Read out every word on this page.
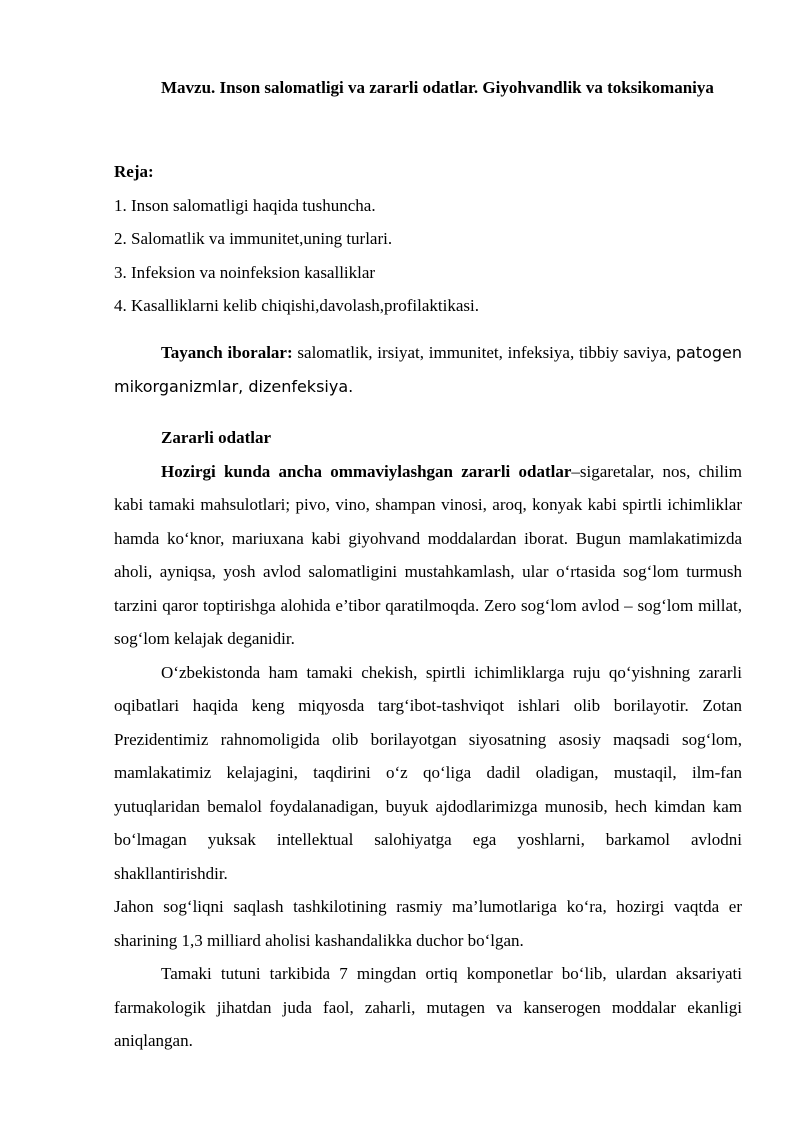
Mavzu. Inson salomatligi va zararli odatlar. Giyohvandlik va toksikomaniya

Reja:

1. Inson salomatligi haqida tushuncha.
2. Salomatlik va immunitet,uning turlari.
3. Infeksion va noinfeksion kasalliklar
4. Kasalliklarni kelib chiqishi,davolash,profilaktikasi.

Tayanch iboralar: salomatlik, irsiyat, immunitet, infeksiya, tibbiy saviya, patogen mikorganizmlar, dizenfeksiya.

Zararli odatlar

Hozirgi kunda ancha ommaviylashgan zararli odatlar–sigaretalar, nos, chilim kabi tamaki mahsulotlari; pivo, vino, shampan vinosi, aroq, konyak kabi spirtli ichimliklar hamda ko‘knor, mariuxana kabi giyohvand moddalardan iborat. Bugun mamlakatimizda aholi, ayniqsa, yosh avlod salomatligini mustahkamlash, ular o‘rtasida sog‘lom turmush tarzini qaror toptirishga alohida e’tibor qaratilmoqda. Zero sog‘lom avlod – sog‘lom millat, sog‘lom kelajak deganidir.

O‘zbekistonda ham tamaki chekish, spirtli ichimliklarga ruju qo‘yishning zararli oqibatlari haqida keng miqyosda targ‘ibot-tashviqot ishlari olib borilayotir. Zotan Prezidentimiz rahnomoligida olib borilayotgan siyosatning asosiy maqsadi sog‘lom, mamlakatimiz kelajagini, taqdirini o‘z qo‘liga dadil oladigan, mustaqil, ilm-fan yutuqlaridan bemalol foydalanadigan, buyuk ajdodlarimizga munosib, hech kimdan kam bo‘lmagan yuksak intellektual salohiyatga ega yoshlarni, barkamol avlodni shakllantirishdir.

Jahon sog‘liqni saqlash tashkilotining rasmiy ma’lumotlariga ko‘ra, hozirgi vaqtda er sharining 1,3 milliard aholisi kashandalikka duchor bo‘lgan.

Tamaki tutuni tarkibida 7 mingdan ortiq komponetlar bo‘lib, ulardan aksariyati farmakologik jihatdan juda faol, zaharli, mutagen va kanserogen moddalar ekanligi aniqlangan.
